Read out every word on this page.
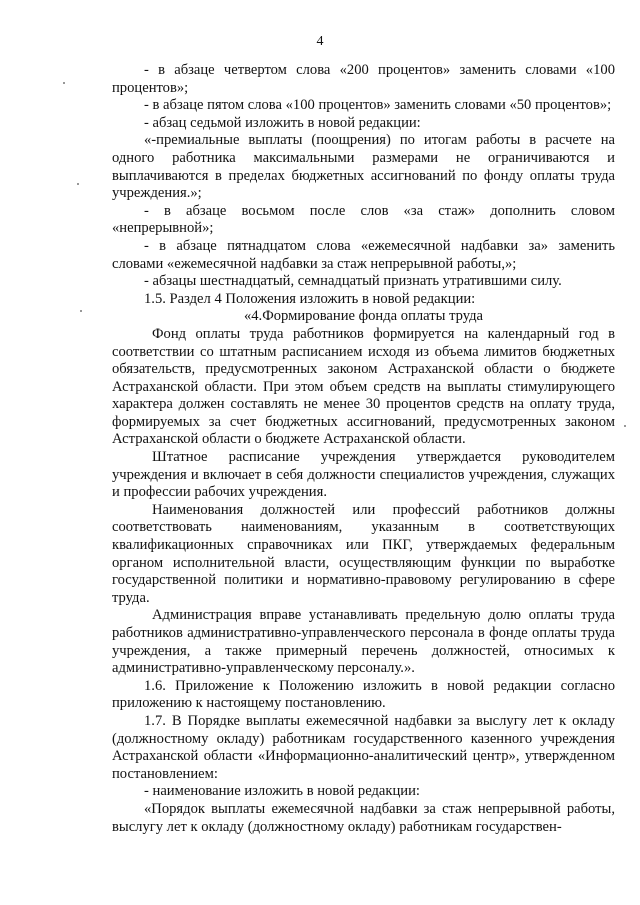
4

- в абзаце четвертом слова «200 процентов» заменить словами «100 процентов»;

- в абзаце пятом слова «100 процентов» заменить словами «50 процентов»;

- абзац седьмой изложить в новой редакции:

«-премиальные выплаты (поощрения) по итогам работы в расчете на одного работника максимальными размерами не ограничиваются и выплачиваются в пределах бюджетных ассигнований по фонду оплаты труда учреждения.»;

- в абзаце восьмом после слов «за стаж» дополнить словом «непрерывной»;

- в абзаце пятнадцатом слова «ежемесячной надбавки за» заменить словами «ежемесячной надбавки за стаж непрерывной работы,»;

- абзацы шестнадцатый, семнадцатый признать утратившими силу.

1.5. Раздел 4 Положения изложить в новой редакции:

«4.Формирование фонда оплаты труда

Фонд оплаты труда работников формируется на календарный год в соответствии со штатным расписанием исходя из объема лимитов бюджетных обязательств, предусмотренных законом Астраханской области о бюджете Астраханской области. При этом объем средств на выплаты стимулирующего характера должен составлять не менее 30 процентов средств на оплату труда, формируемых за счет бюджетных ассигнований, предусмотренных законом Астраханской области о бюджете Астраханской области.

Штатное расписание учреждения утверждается руководителем учреждения и включает в себя должности специалистов учреждения, служащих и профессии рабочих учреждения.

Наименования должностей или профессий работников должны соответствовать наименованиям, указанным в соответствующих квалификационных справочниках или ПКГ, утверждаемых федеральным органом исполнительной власти, осуществляющим функции по выработке государственной политики и нормативно-правовому регулированию в сфере труда.

Администрация вправе устанавливать предельную долю оплаты труда работников административно-управленческого персонала в фонде оплаты труда учреждения, а также примерный перечень должностей, относимых к административно-управленческому персоналу.».

1.6. Приложение к Положению изложить в новой редакции согласно приложению к настоящему постановлению.

1.7. В Порядке выплаты ежемесячной надбавки за выслугу лет к окладу (должностному окладу) работникам государственного казенного учреждения Астраханской области «Информационно-аналитический центр», утвержденном постановлением:

- наименование изложить в новой редакции:

«Порядок выплаты ежемесячной надбавки за стаж непрерывной работы, выслугу лет к окладу (должностному окладу) работникам государствен-
